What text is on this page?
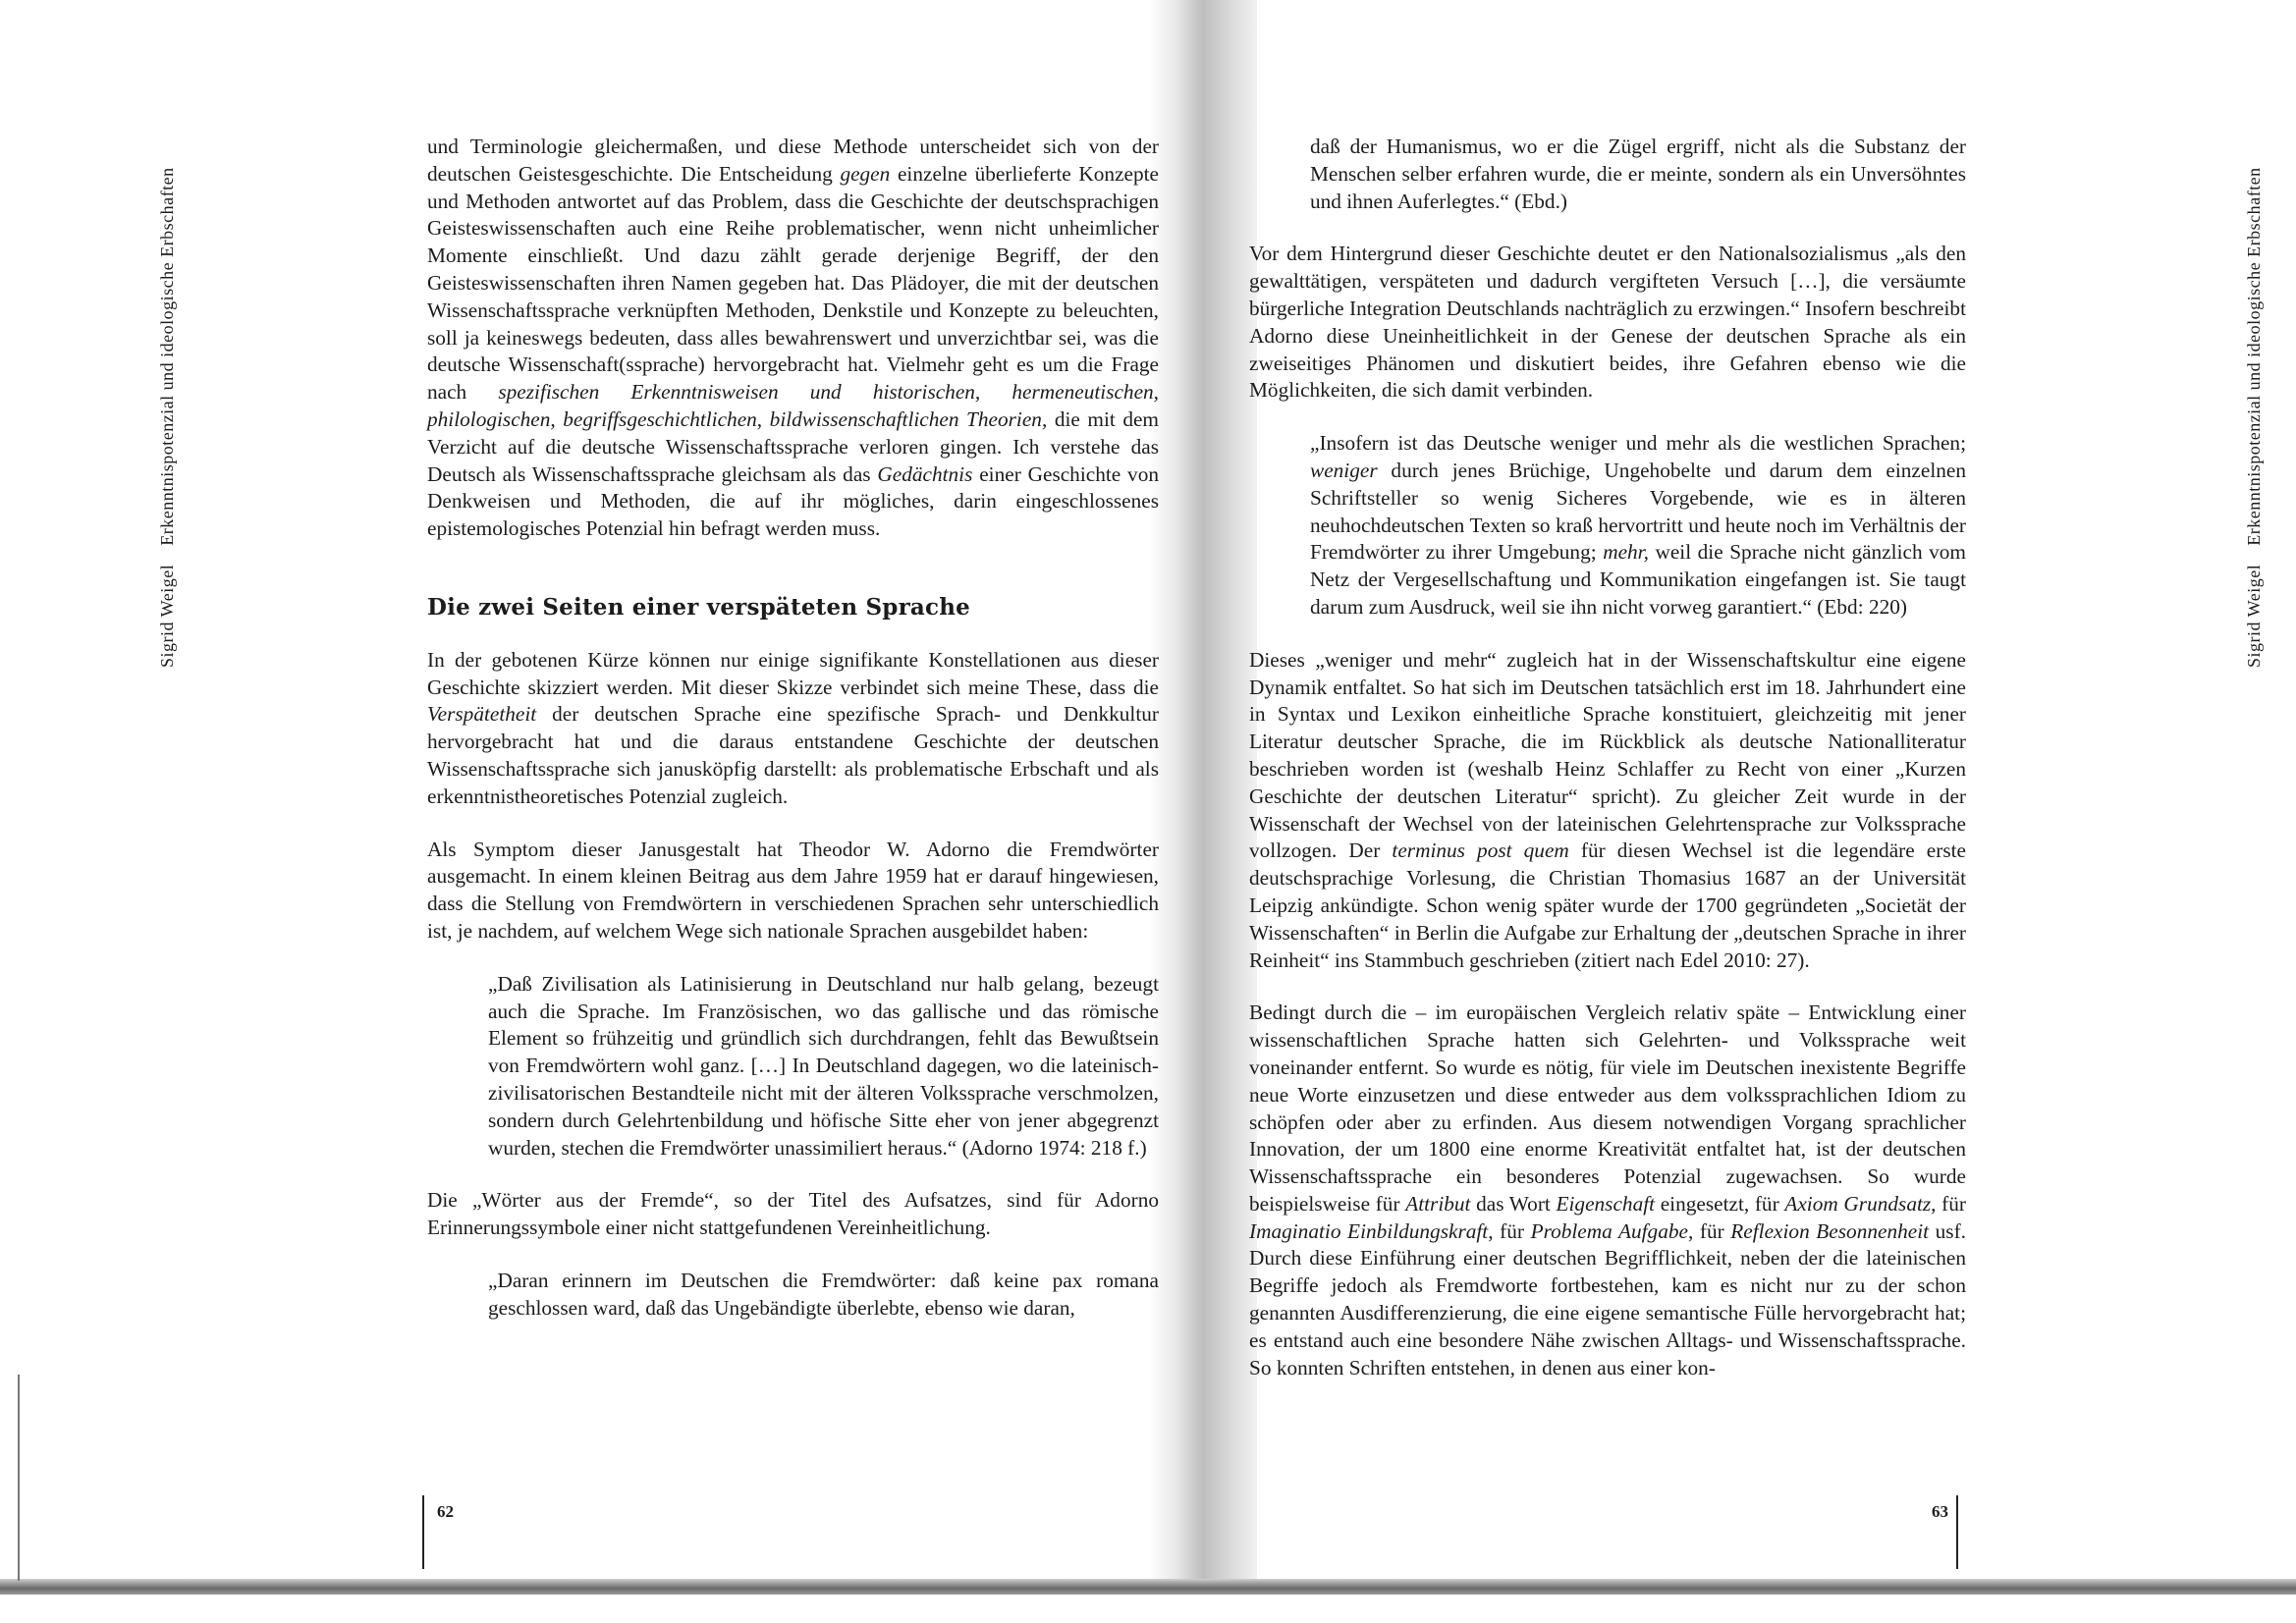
Sigrid Weigel Erkenntnispotenzial und ideologische Erbschaften
Sigrid Weigel Erkenntnispotenzial und ideologische Erbschaften

und Terminologie gleichermaßen, und diese Methode unterscheidet sich von der deutschen Geistesgeschichte. Die Entscheidung gegen einzelne überlieferte Konzepte und Methoden antwortet auf das Problem, dass die Geschichte der deutschsprachigen Geisteswissenschaften auch eine Reihe problematischer, wenn nicht unheimlicher Momente einschließt. Und dazu zählt gerade derjenige Begriff, der den Geisteswissenschaften ihren Namen gegeben hat. Das Plädoyer, die mit der deutschen Wissenschaftssprache verknüpften Methoden, Denkstile und Konzepte zu beleuchten, soll ja keineswegs bedeuten, dass alles bewahrenswert und unverzichtbar sei, was die deutsche Wissenschaft(ssprache) hervorgebracht hat. Vielmehr geht es um die Frage nach spezifischen Erkenntnisweisen und historischen, hermeneutischen, philologischen, begriffsgeschichtlichen, bildwissenschaftlichen Theorien, die mit dem Verzicht auf die deutsche Wissenschaftssprache verloren gingen. Ich verstehe das Deutsch als Wissenschaftssprache gleichsam als das Gedächtnis einer Geschichte von Denkweisen und Methoden, die auf ihr mögliches, darin eingeschlossenes epistemologisches Potenzial hin befragt werden muss.

Die zwei Seiten einer verspäteten Sprache

In der gebotenen Kürze können nur einige signifikante Konstellationen aus dieser Geschichte skizziert werden. Mit dieser Skizze verbindet sich meine These, dass die Verspätetheit der deutschen Sprache eine spezifische Sprach- und Denkkultur hervorgebracht hat und die daraus entstandene Geschichte der deutschen Wissenschaftssprache sich januskӧpfig darstellt: als problematische Erbschaft und als erkenntnistheoretisches Potenzial zugleich.

Als Symptom dieser Janusgestalt hat Theodor W. Adorno die Fremdwörter ausgemacht. In einem kleinen Beitrag aus dem Jahre 1959 hat er darauf hingewiesen, dass die Stellung von Fremdwörtern in verschiedenen Sprachen sehr unterschiedlich ist, je nachdem, auf welchem Wege sich nationale Sprachen ausgebildet haben:

„Daß Zivilisation als Latinisierung in Deutschland nur halb gelang, bezeugt auch die Sprache. Im Französischen, wo das gallische und das römische Element so frühzeitig und gründlich sich durchdrangen, fehlt das Bewußtsein von Fremdwörtern wohl ganz. […] In Deutschland dagegen, wo die lateinisch-zivilisatorischen Bestandteile nicht mit der älteren Volkssprache verschmolzen, sondern durch Gelehrtenbildung und höfische Sitte eher von jener abgegrenzt wurden, stechen die Fremdwörter unassimiliert heraus.“ (Adorno 1974: 218 f.)

Die „Wörter aus der Fremde“, so der Titel des Aufsatzes, sind für Adorno Erinnerungssymbole einer nicht stattgefundenen Vereinheitlichung.

„Daran erinnern im Deutschen die Fremdwörter: daß keine pax romana geschlossen ward, daß das Ungebändigte überlebte, ebenso wie daran,

62

daß der Humanismus, wo er die Zügel ergriff, nicht als die Substanz der Menschen selber erfahren wurde, die er meinte, sondern als ein Unversöhntes und ihnen Auferlegtes.“ (Ebd.)

Vor dem Hintergrund dieser Geschichte deutet er den Nationalsozialismus „als den gewalttätigen, verspäteten und dadurch vergifteten Versuch […], die versäumte bürgerliche Integration Deutschlands nachträglich zu erzwingen.“ Insofern beschreibt Adorno diese Uneinheitlichkeit in der Genese der deutschen Sprache als ein zweiseitiges Phänomen und diskutiert beides, ihre Gefahren ebenso wie die Möglichkeiten, die sich damit verbinden.

„Insofern ist das Deutsche weniger und mehr als die westlichen Sprachen; weniger durch jenes Brüchige, Ungehobelte und darum dem einzelnen Schriftsteller so wenig Sicheres Vorgebende, wie es in älteren neuhochdeutschen Texten so kraß hervortritt und heute noch im Verhältnis der Fremdwörter zu ihrer Umgebung; mehr, weil die Sprache nicht gänzlich vom Netz der Vergesellschaftung und Kommunikation eingefangen ist. Sie taugt darum zum Ausdruck, weil sie ihn nicht vorweg garantiert.“ (Ebd: 220)

Dieses „weniger und mehr“ zugleich hat in der Wissenschaftskultur eine eigene Dynamik entfaltet. So hat sich im Deutschen tatsächlich erst im 18. Jahrhundert eine in Syntax und Lexikon einheitliche Sprache konstituiert, gleichzeitig mit jener Literatur deutscher Sprache, die im Rückblick als deutsche Nationalliteratur beschrieben worden ist (weshalb Heinz Schlaffer zu Recht von einer „Kurzen Geschichte der deutschen Literatur“ spricht). Zu gleicher Zeit wurde in der Wissenschaft der Wechsel von der lateinischen Gelehrtensprache zur Volkssprache vollzogen. Der terminus post quem für diesen Wechsel ist die legendäre erste deutschsprachige Vorlesung, die Christian Thomasius 1687 an der Universität Leipzig ankündigte. Schon wenig später wurde der 1700 gegründeten „Societät der Wissenschaften“ in Berlin die Aufgabe zur Erhaltung der „deutschen Sprache in ihrer Reinheit“ ins Stammbuch geschrieben (zitiert nach Edel 2010: 27).

Bedingt durch die – im europäischen Vergleich relativ späte – Entwicklung einer wissenschaftlichen Sprache hatten sich Gelehrten- und Volkssprache weit voneinander entfernt. So wurde es nötig, für viele im Deutschen inexistente Begriffe neue Worte einzusetzen und diese entweder aus dem volkssprachlichen Idiom zu schöpfen oder aber zu erfinden. Aus diesem notwendigen Vorgang sprachlicher Innovation, der um 1800 eine enorme Kreativität entfaltet hat, ist der deutschen Wissenschaftssprache ein besonderes Potenzial zugewachsen. So wurde beispielsweise für Attribut das Wort Eigenschaft eingesetzt, für Axiom Grundsatz, für Imaginatio Einbildungskraft, für Problema Aufgabe, für Reflexion Besonnenheit usf. Durch diese Einführung einer deutschen Begrifflichkeit, neben der die lateinischen Begriffe jedoch als Fremdworte fortbestehen, kam es nicht nur zu der schon genannten Ausdifferenzierung, die eine eigene semantische Fülle hervorgebracht hat; es entstand auch eine besondere Nähe zwischen Alltags- und Wissenschaftssprache. So konnten Schriften entstehen, in denen aus einer kon-

63
